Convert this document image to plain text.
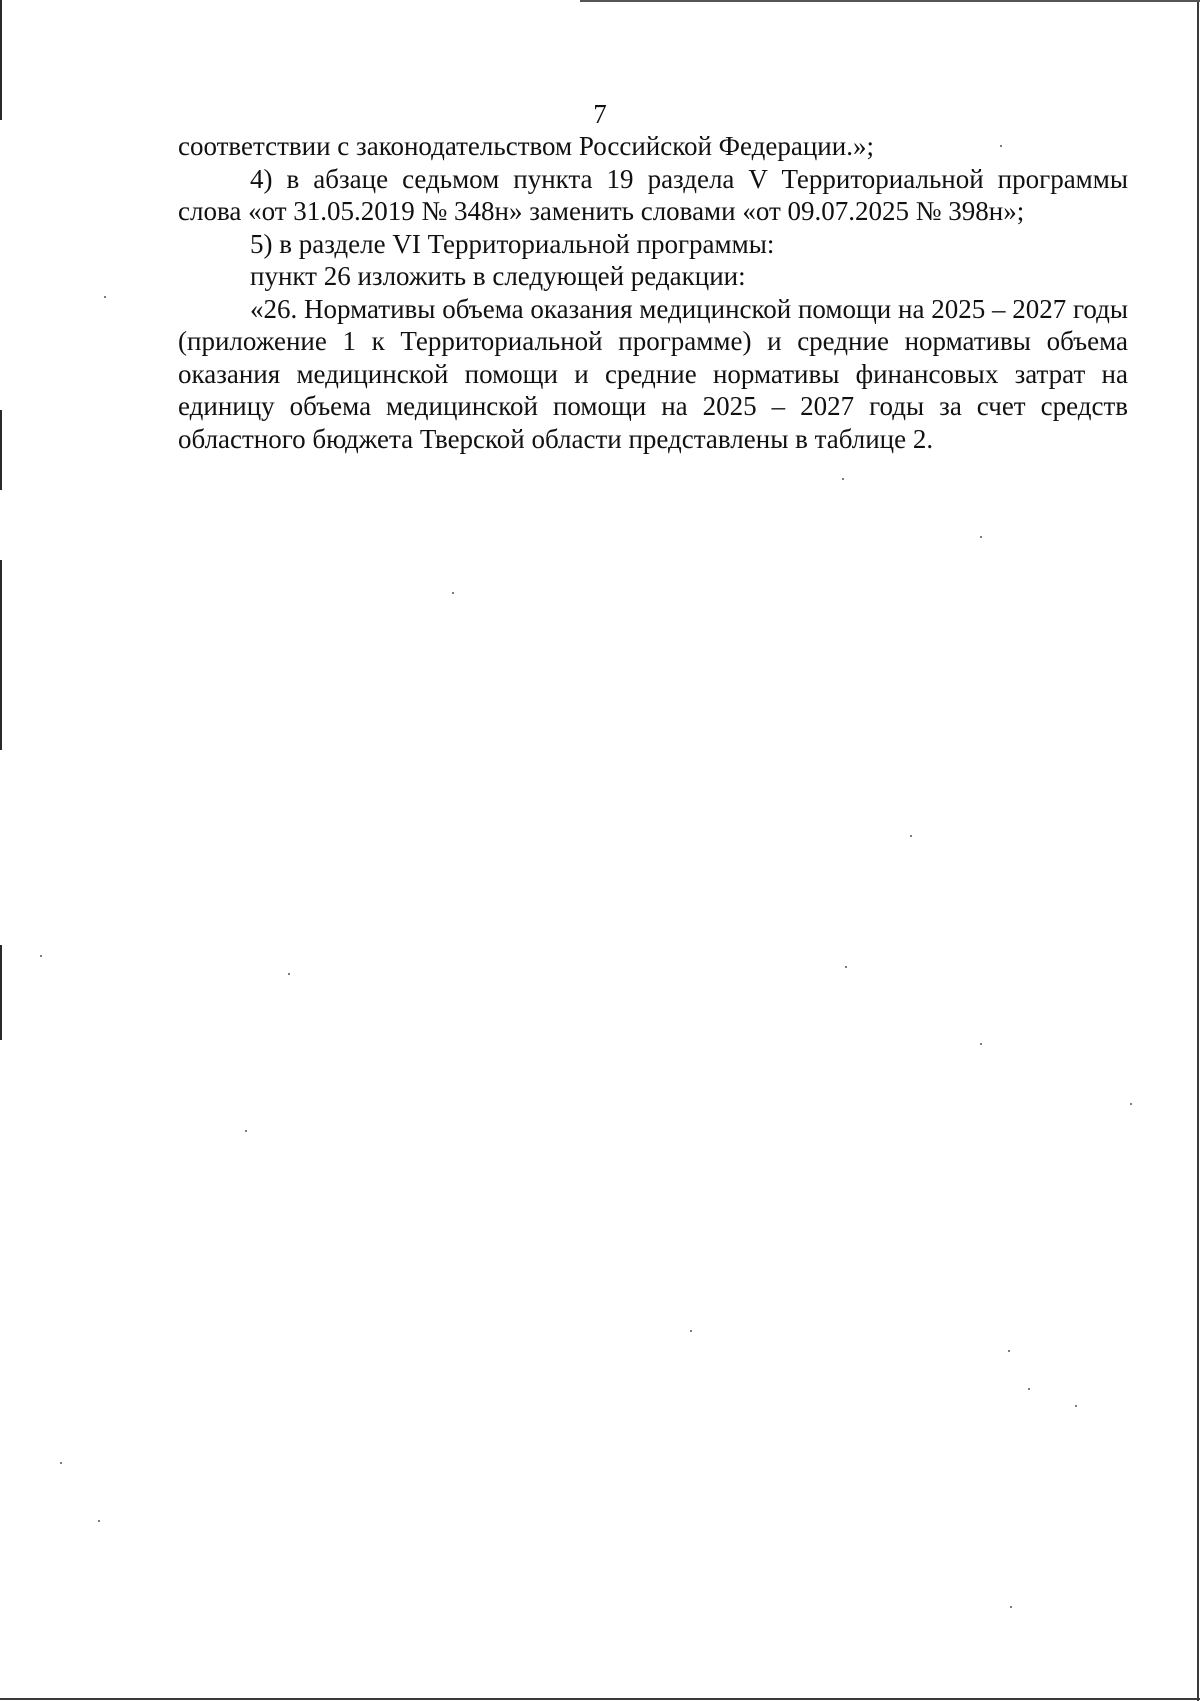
7

соответствии с законодательством Российской Федерации.»;

4) в абзаце седьмом пункта 19 раздела V Территориальной программы слова «от 31.05.2019 № 348н» заменить словами «от 09.07.2025 № 398н»;

5) в разделе VI Территориальной программы:

пункт 26 изложить в следующей редакции:

«26. Нормативы объема оказания медицинской помощи на 2025 – 2027 годы (приложение 1 к Территориальной программе) и средние нормативы объема оказания медицинской помощи и средние нормативы финансовых затрат на единицу объема медицинской помощи на 2025 – 2027 годы за счет средств областного бюджета Тверской области представлены в таблице 2.
